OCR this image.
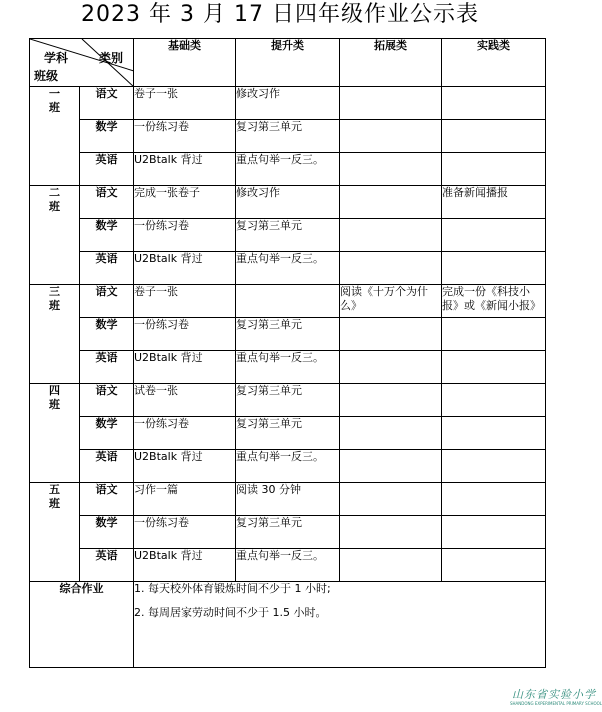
2023 年 3 月 17 日四年级作业公示表
学科 类别
班级		基础类	提升类	拓展类	实践类

一
班	语文	卷子一张	修改习作		

	数学	一份练习卷	复习第三单元		

	英语	U2Btalk 背过	重点句举一反三。		

二
班	语文	完成一张卷子	修改习作		准备新闻播报

	数学	一份练习卷	复习第三单元		

	英语	U2Btalk 背过	重点句举一反三。		

三
班	语文	卷子一张		阅读《十万个为什么》	完成一份《科技小报》或《新闻小报》

	数学	一份练习卷	复习第三单元		

	英语	U2Btalk 背过	重点句举一反三。		

四
班	语文	试卷一张	复习第三单元		

	数学	一份练习卷	复习第三单元		

	英语	U2Btalk 背过	重点句举一反三。		

五
班	语文	习作一篇	阅读 30 分钟		

	数学	一份练习卷	复习第三单元		

	英语	U2Btalk 背过	重点句举一反三。		

综合作业		1. 每天校外体育锻炼时间不少于 1 小时;

2. 每周居家劳动时间不少于 1.5 小时。			

山东省实验小学
SHANDONG EXPERIMENTAL PRIMARY SCHOOL
